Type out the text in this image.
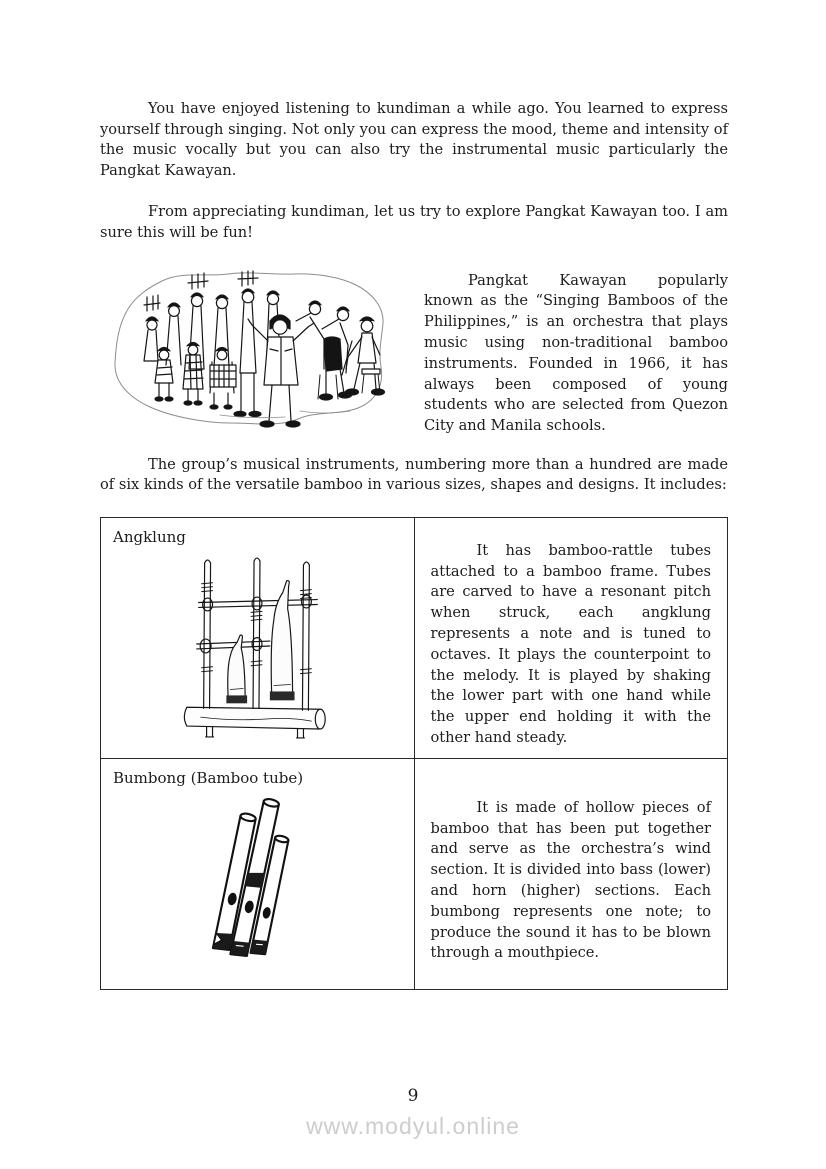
You have enjoyed listening to kundiman a while ago. You learned to express yourself through singing. Not only you can express the mood, theme and intensity of the music vocally but you can also try the instrumental music particularly the Pangkat Kawayan.

From appreciating kundiman, let us try to explore Pangkat Kawayan too. I am sure this will be fun!

Pangkat Kawayan popularly known as the “Singing Bamboos of the Philippines,” is an orchestra that plays music using non-traditional bamboo instruments. Founded in 1966, it has always been composed of young students who are selected from Quezon City and Manila schools.

The group’s musical instruments, numbering more than a hundred are made of six kinds of the versatile bamboo in various sizes, shapes and designs. It includes:

Angklung	It has bamboo-rattle tubes attached to a bamboo frame. Tubes are carved to have a resonant pitch when struck, each angklung represents a note and is tuned to octaves. It plays the counterpoint to the melody. It is played by shaking the lower part with one hand while the upper end holding it with the other hand steady.

Bumbong (Bamboo tube)	It is made of hollow pieces of bamboo that has been put together and serve as the orchestra’s wind section. It is divided into bass (lower) and horn (higher) sections. Each bumbong represents one note; to produce the sound it has to be blown through a mouthpiece.

9
www.modyul.online
